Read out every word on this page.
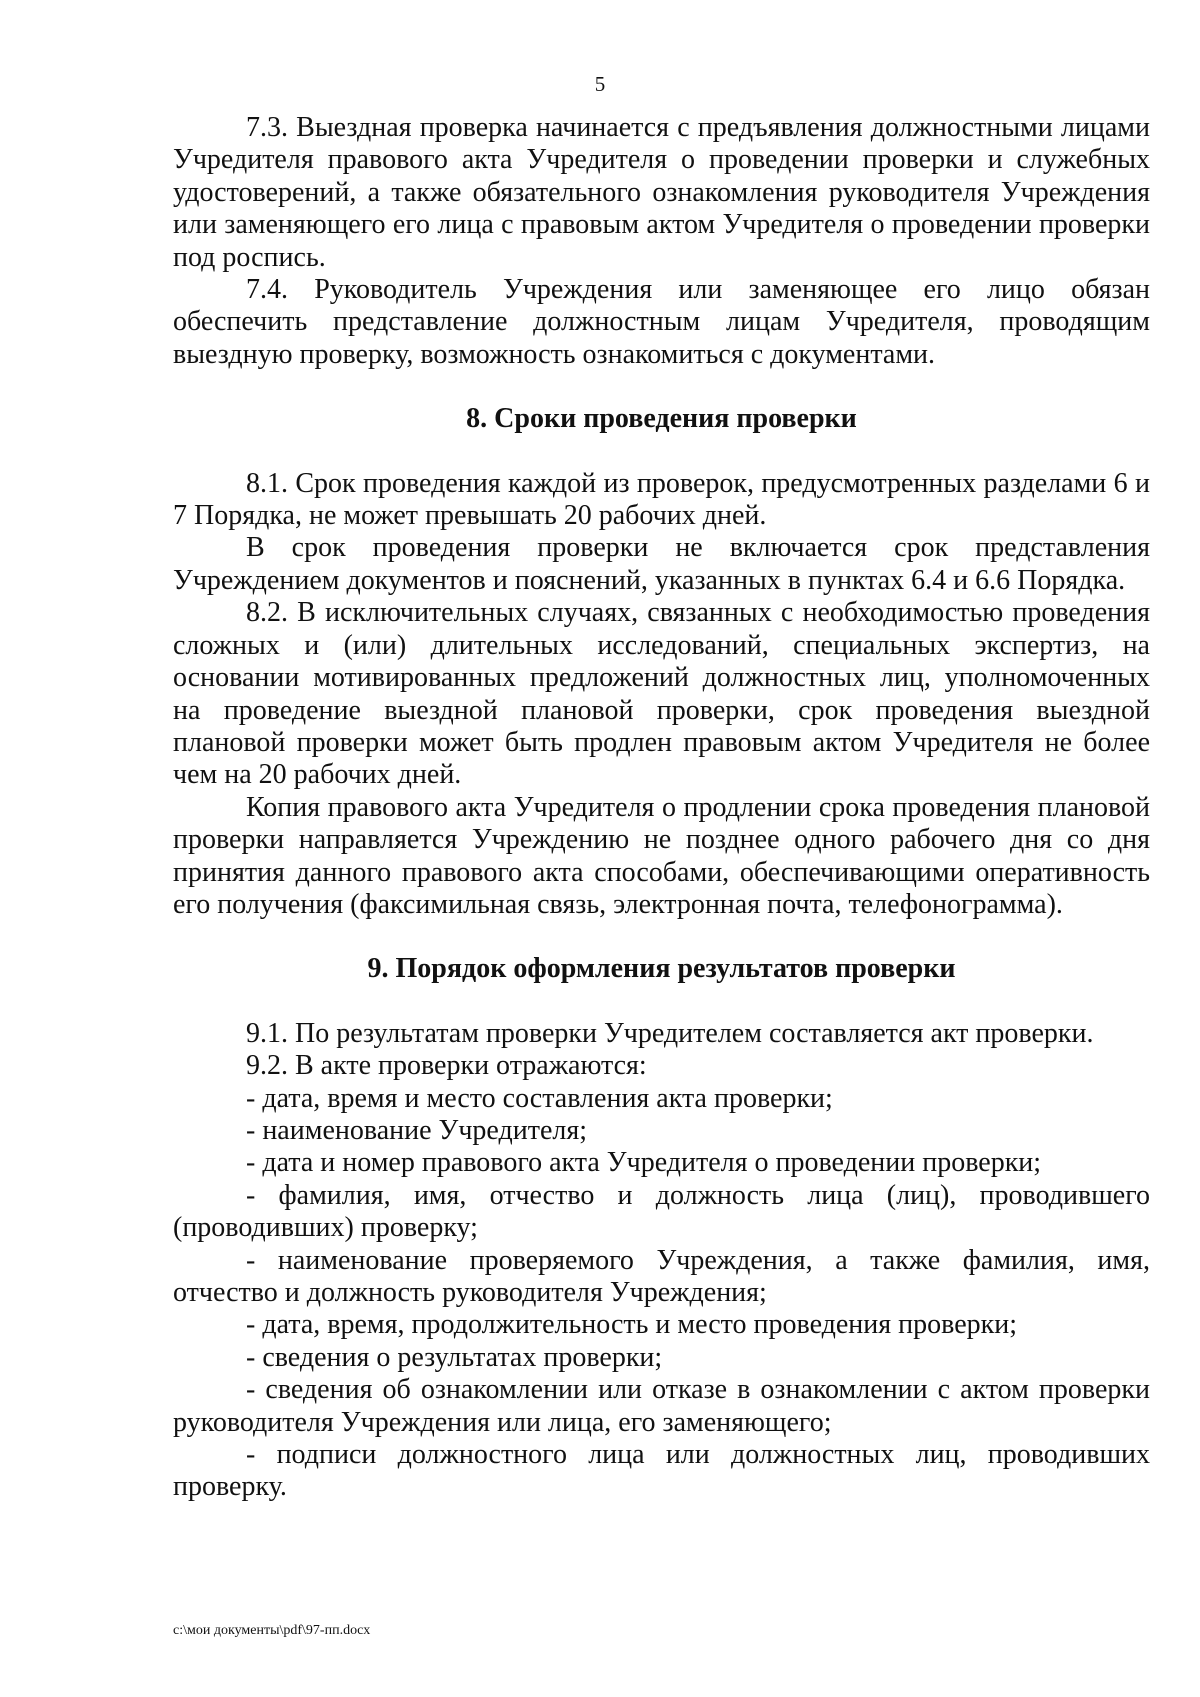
5

7.3. Выездная проверка начинается с предъявления должностными лицами Учредителя правового акта Учредителя о проведении проверки и служебных удостоверений, а также обязательного ознакомления руководителя Учреждения или заменяющего его лица с правовым актом Учредителя о проведении проверки под роспись.

7.4. Руководитель Учреждения или заменяющее его лицо обязан обеспечить представление должностным лицам Учредителя, проводящим выездную проверку, возможность ознакомиться с документами.

8. Сроки проведения проверки

8.1. Срок проведения каждой из проверок, предусмотренных разделами 6 и 7 Порядка, не может превышать 20 рабочих дней.

В срок проведения проверки не включается срок представления Учреждением документов и пояснений, указанных в пунктах 6.4 и 6.6 Порядка.

8.2. В исключительных случаях, связанных с необходимостью проведения сложных и (или) длительных исследований, специальных экспертиз, на основании мотивированных предложений должностных лиц, уполномоченных на проведение выездной плановой проверки, срок проведения выездной плановой проверки может быть продлен правовым актом Учредителя не более чем на 20 рабочих дней.

Копия правового акта Учредителя о продлении срока проведения плановой проверки направляется Учреждению не позднее одного рабочего дня со дня принятия данного правового акта способами, обеспечивающими оперативность его получения (факсимильная связь, электронная почта, телефонограмма).

9. Порядок оформления результатов проверки

9.1. По результатам проверки Учредителем составляется акт проверки.

9.2. В акте проверки отражаются:

- дата, время и место составления акта проверки;

- наименование Учредителя;

- дата и номер правового акта Учредителя о проведении проверки;

- фамилия, имя, отчество и должность лица (лиц), проводившего (проводивших) проверку;

- наименование проверяемого Учреждения, а также фамилия, имя, отчество и должность руководителя Учреждения;

- дата, время, продолжительность и место проведения проверки;

- сведения о результатах проверки;

- сведения об ознакомлении или отказе в ознакомлении с актом проверки руководителя Учреждения или лица, его заменяющего;

- подписи должностного лица или должностных лиц, проводивших проверку.

c:\мои документы\pdf\97-пп.docx
